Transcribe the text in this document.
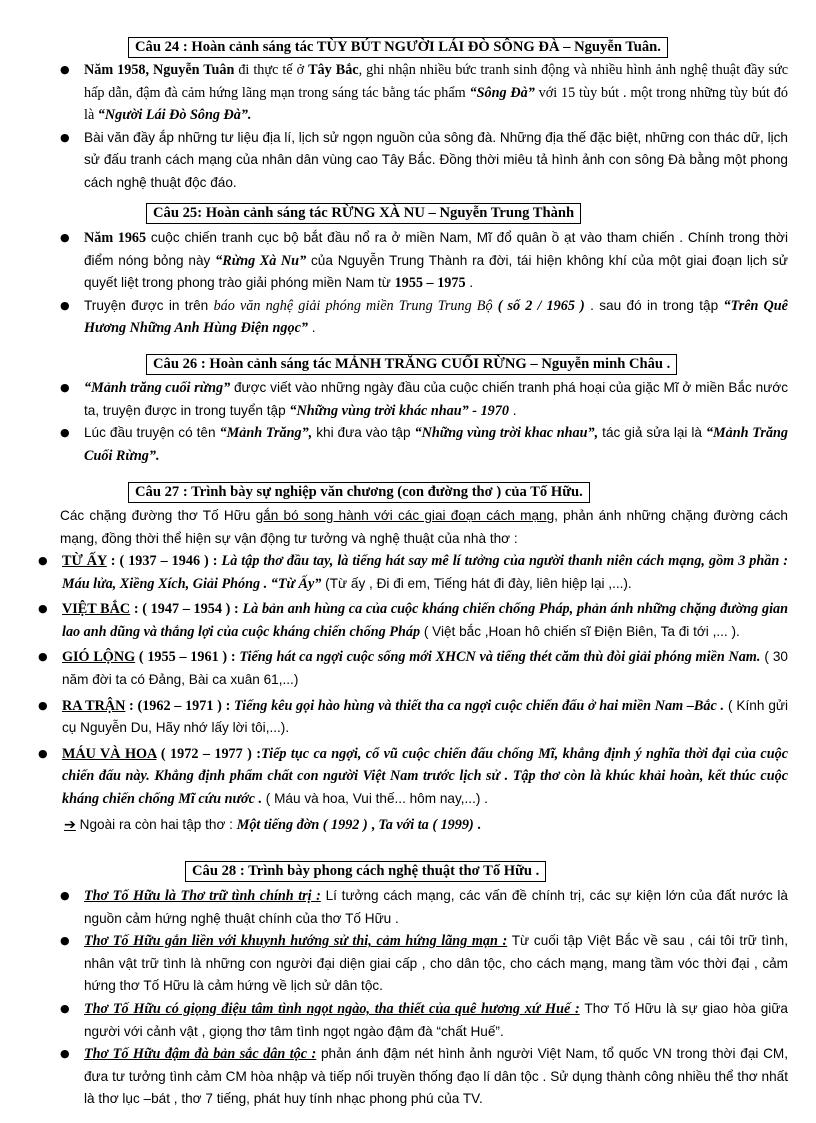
Câu 24 : Hoàn cảnh sáng tác TÙY BÚT NGƯỜI LÁI ĐÒ SÔNG ĐÀ – Nguyễn Tuân.
● Năm 1958, Nguyễn Tuân đi thực tế ở Tây Bắc, ghi nhận nhiều bức tranh sinh động và nhiều hình ảnh nghệ thuật đầy sức hấp dẫn, đậm đà cảm hứng lãng mạn trong sáng tác bằng tác phẩm “Sông Đà” với 15 tùy bút . một trong những tùy bút đó là “Người Lái Đò Sông Đà”.
● Bài văn đầy ắp những tư liệu địa lí, lịch sử ngọn nguồn của sông đà. Những địa thế đặc biệt, những con thác dữ, lịch sử đấu tranh cách mạng của nhân dân vùng cao Tây Bắc. Đồng thời miêu tả hình ảnh con sông Đà bằng một phong cách nghệ thuật độc đáo.
Câu 25: Hoàn cảnh sáng tác RỪNG XÀ NU – Nguyễn Trung Thành
● Năm 1965 cuộc chiến tranh cục bộ bắt đầu nổ ra ở miền Nam, Mĩ đổ quân ồ ạt vào tham chiến . Chính trong thời điểm nóng bỏng này “Rừng Xà Nu” của Nguyễn Trung Thành ra đời, tái hiện không khí của một giai đoạn lịch sử quyết liệt trong phong trào giải phóng miền Nam từ 1955 – 1975 .
● Truyện được in trên báo văn nghệ giải phóng miền Trung Trung Bộ ( số 2 / 1965 ) . sau đó in trong tập “Trên Quê Hương Những Anh Hùng Điện ngọc” .
Câu 26 : Hoàn cảnh sáng tác MẢNH TRĂNG CUỐI RỪNG – Nguyễn minh Châu .
● “Mảnh trăng cuối rừng” được viết vào những ngày đầu của cuộc chiến tranh phá hoại của giặc Mĩ ở miền Bắc nước ta, truyện được in trong tuyển tập “Những vùng trời khác nhau” - 1970 .
● Lúc đầu truyện có tên “Mảnh Trăng”, khi đưa vào tập “Những vùng trời khac nhau”, tác giả sửa lại là “Mảnh Trăng Cuối Rừng”.
Câu 27 : Trình bày sự nghiệp văn chương (con đường thơ ) của Tố Hữu.
Các chặng đường thơ Tố Hữu gắn bó song hành với các giai đoạn cách mạng, phản ánh những chặng đường cách mạng, đồng thời thể hiện sự vận động tư tưởng và nghệ thuật của nhà thơ :
● TỪ ẤY : ( 1937 – 1946 ) : Là tập thơ đầu tay, là tiếng hát say mê lí tưởng của người thanh niên cách mạng, gồm 3 phần : Máu lửa, Xiềng Xích, Giải Phóng . “Từ Ấy” (Từ ấy , Đi đi em, Tiếng hát đi đày, liên hiệp lại ,...).
● VIỆT BẮC : ( 1947 – 1954 ) : Là bản anh hùng ca của cuộc kháng chiến chống Pháp, phản ánh những chặng đường gian lao anh dũng và thắng lợi của cuộc kháng chiến chống Pháp ( Việt bắc ,Hoan hô chiến sĩ Điện Biên, Ta đi tới ,... ).
● GIÓ LỘNG ( 1955 – 1961 ) : Tiếng hát ca ngợi cuộc sống mới XHCN và tiếng thét căm thù đòi giải phóng miền Nam. ( 30 năm đời ta có Đảng, Bài ca xuân 61,...)
● RA TRẬN : (1962 – 1971 ) : Tiếng kêu gọi hào hùng và thiết tha ca ngợi cuộc chiến đấu ở hai miền Nam –Bắc . ( Kính gửi cụ Nguyễn Du, Hãy nhớ lấy lời tôi,...).
● MÁU VÀ HOA ( 1972 – 1977 ) :Tiếp tục ca ngợi, cổ vũ cuộc chiến đấu chống Mĩ, khẳng định ý nghĩa thời đại của cuộc chiến đấu này. Khẳng định phẩm chất con người Việt Nam trước lịch sử . Tập thơ còn là khúc khải hoàn, kết thúc cuộc kháng chiến chống Mĩ cứu nước . ( Máu và hoa, Vui thế... hôm nay,...) .
➔ Ngoài ra còn hai tập thơ : Một tiếng đờn ( 1992 ) , Ta với ta ( 1999) .
Câu 28 : Trình bày phong cách nghệ thuật thơ Tố Hữu .
● Thơ Tố Hữu là Thơ trữ tình chính trị : Lí tưởng cách mạng, các vấn đề chính trị, các sự kiện lớn của đất nước là nguồn cảm hứng nghệ thuật chính của thơ Tố Hữu .
● Thơ Tố Hữu gắn liền với khuynh hướng sử thi, cảm hứng lãng mạn : Từ cuối tập Việt Bắc về sau , cái tôi trữ tình, nhân vật trữ tình là những con người đại diện giai cấp , cho dân tộc, cho cách mạng, mang tầm vóc thời đại , cảm hứng thơ Tố Hữu là cảm hứng về lịch sử dân tộc.
● Thơ Tố Hữu có giọng điệu tâm tình ngọt ngào, tha thiết của quê hương xứ Huế : Thơ Tố Hữu là sự giao hòa giữa người với cảnh vật , giọng thơ tâm tình ngọt ngào đậm đà “chất Huế”.
● Thơ Tố Hữu đậm đà bản sắc dân tộc : phản ánh đậm nét hình ảnh người Việt Nam, tổ quốc VN trong thời đại CM, đưa tư tưởng tình cảm CM hòa nhập và tiếp nối truyền thống đạo lí dân tộc . Sử dụng thành công nhiều thể thơ nhất là thơ lục –bát , thơ 7 tiếng, phát huy tính nhạc phong phú của TV.
